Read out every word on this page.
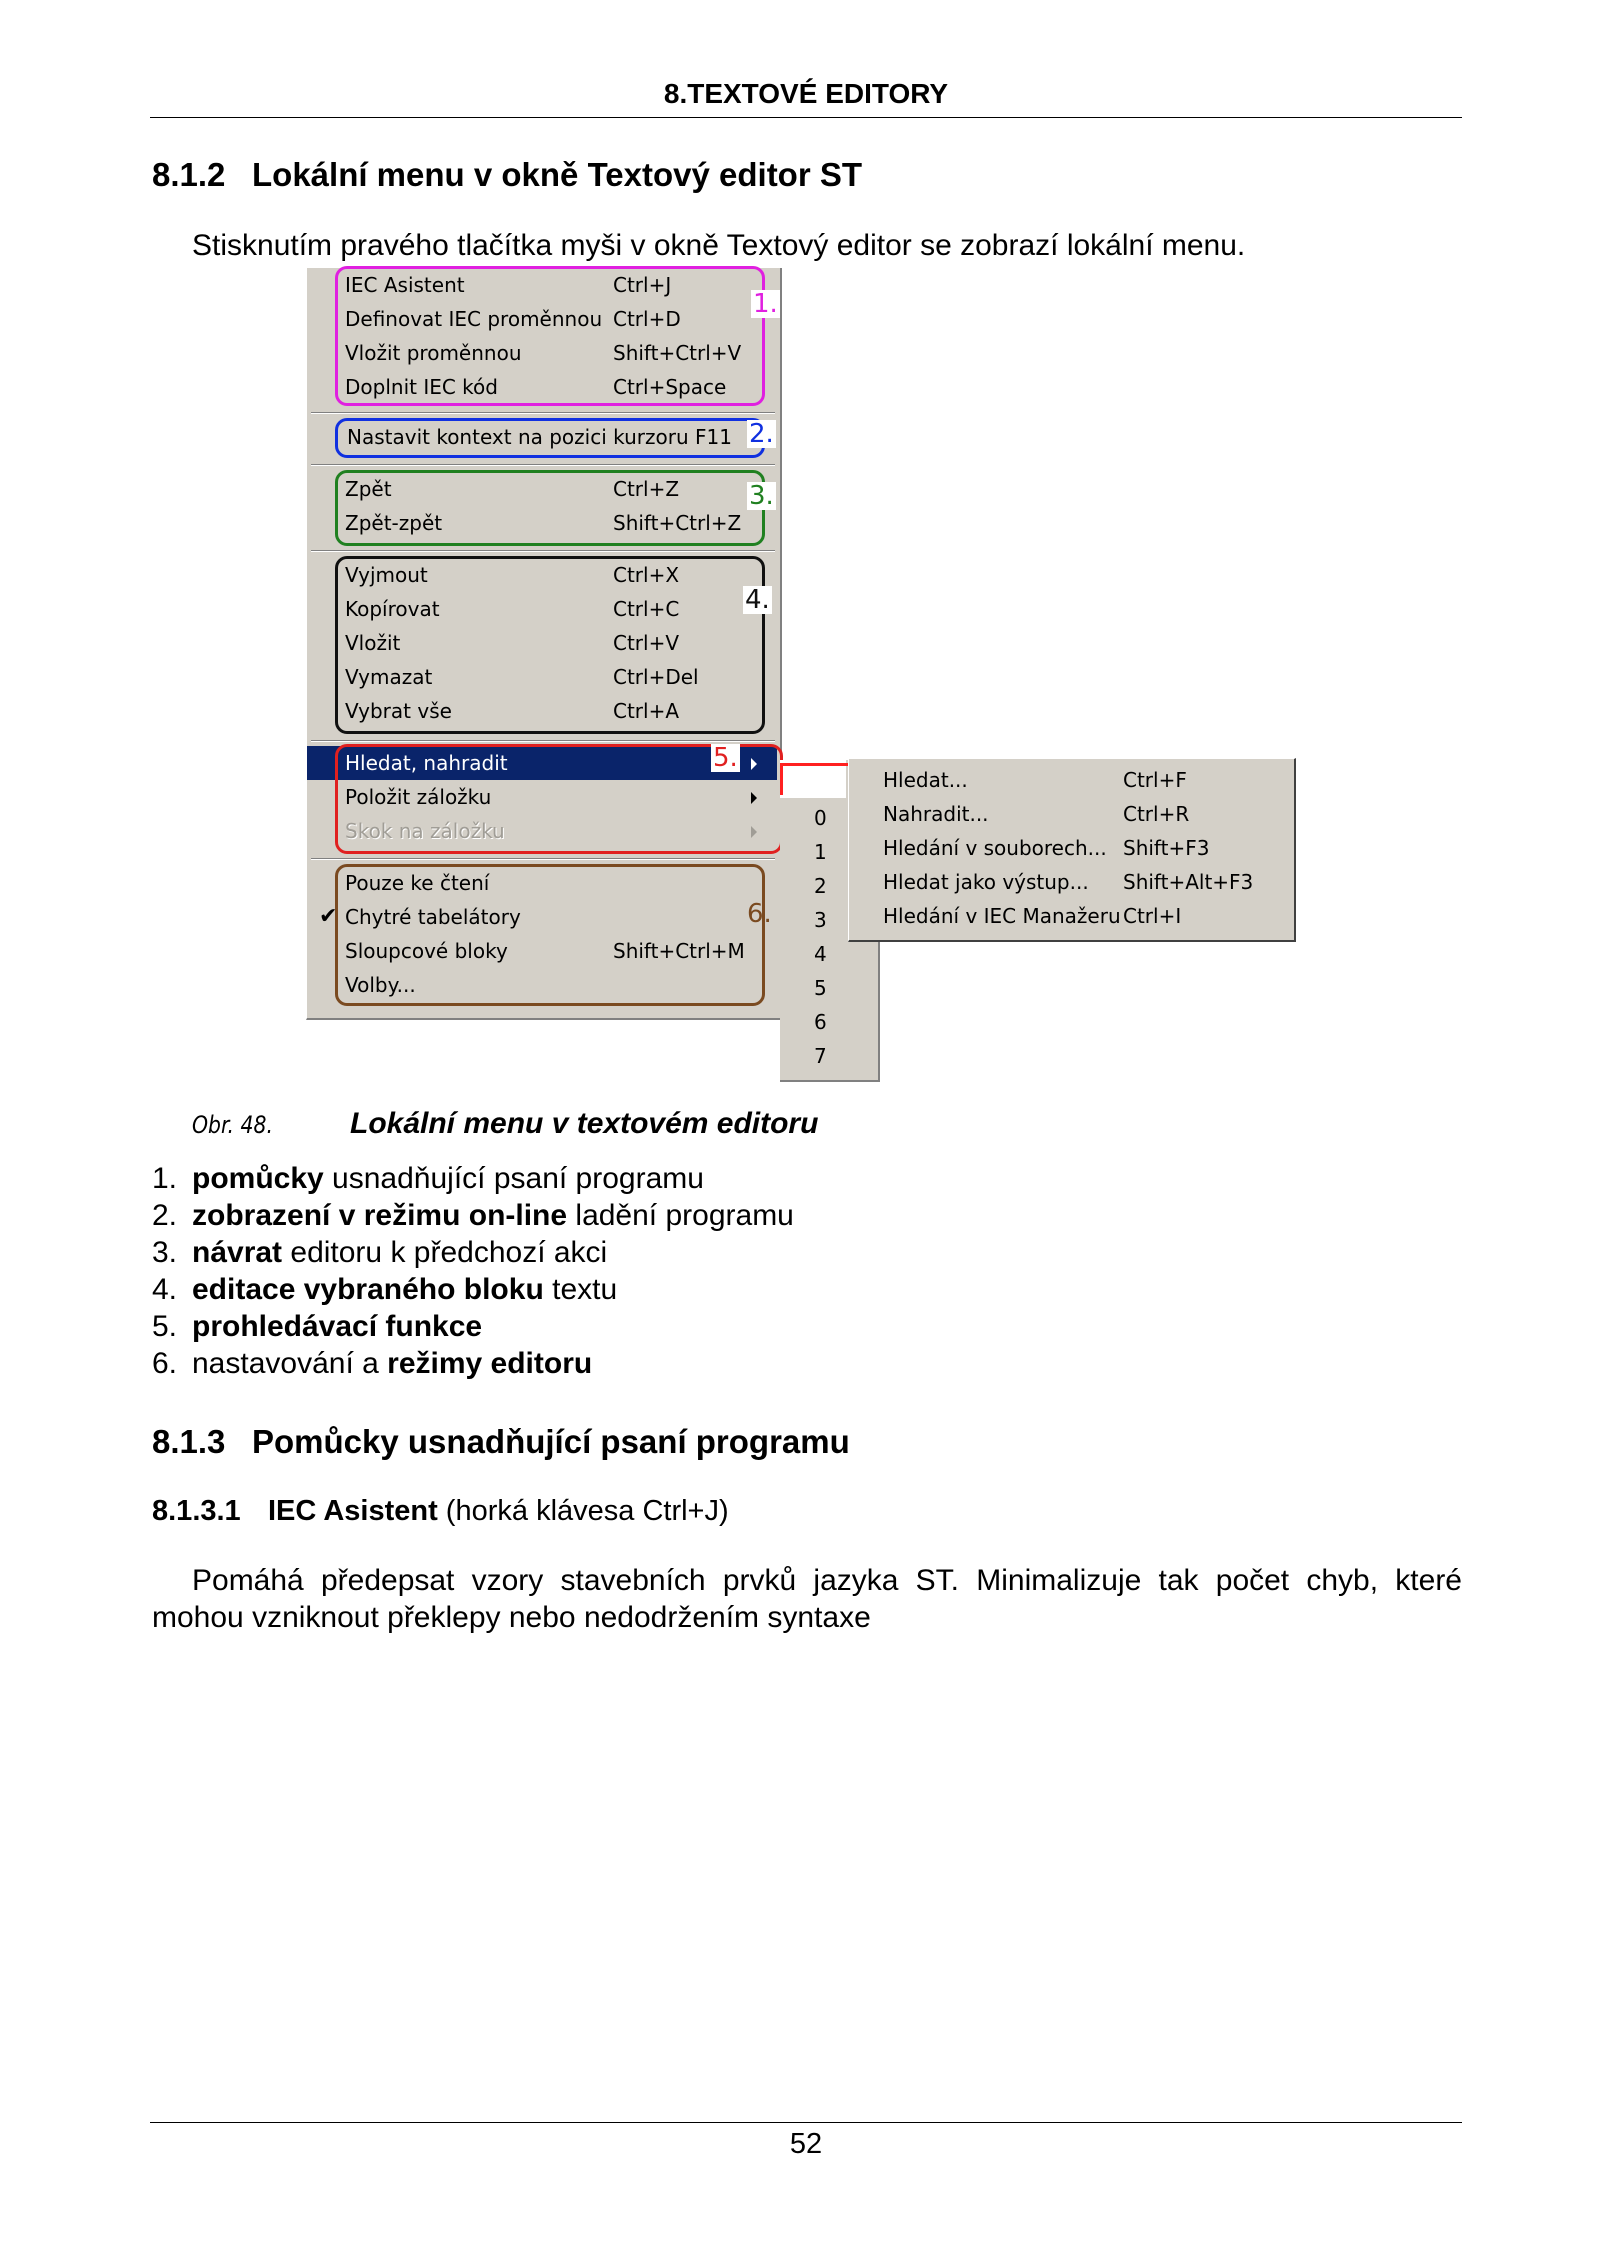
8.TEXTOVÉ EDITORY
8.1.2 Lokální menu v okně Textový editor ST
Stisknutím pravého tlačítka myši v okně Textový editor se zobrazí lokální menu.
IEC Asistent	Ctrl+J
Definovat IEC proměnnou Ctrl+D
Vložit proměnnou	Shift+Ctrl+V
Doplnit IEC kód	Ctrl+Space
Nastavit kontext na pozici kurzoru F11
Zpět	Ctrl+Z
Zpět-zpět	Shift+Ctrl+Z
Vyjmout	Ctrl+X
Kopírovat	Ctrl+C
Vložit	Ctrl+V
Vymazat	Ctrl+Del
Vybrat vše	Ctrl+A
Hledat, nahradit
Položit záložku
Skok na záložku
Pouze ke čtení
✔ Chytré tabelátory
Sloupcové bloky	Shift+Ctrl+M
Volby...
1.
2.
3.
4.
5.
6.
0
1
2
3
4
5
6
7
Hledat...	Ctrl+F
Nahradit...	Ctrl+R
Hledání v souborech... Shift+F3
Hledat jako výstup... Shift+Alt+F3
Hledání v IEC Manažeru Ctrl+I
Obr. 48.	Lokální menu v textovém editoru
1. pomůcky usnadňující psaní programu
2. zobrazení v režimu on-line ladění programu
3. návrat editoru k předchozí akci
4. editace vybraného bloku textu
5. prohledávací funkce
6. nastavování a režimy editoru
8.1.3 Pomůcky usnadňující psaní programu
8.1.3.1 IEC Asistent (horká klávesa Ctrl+J)
Pomáhá předepsat vzory stavebních prvků jazyka ST. Minimalizuje tak počet chyb, které mohou vzniknout překlepy nebo nedodržením syntaxe
52
